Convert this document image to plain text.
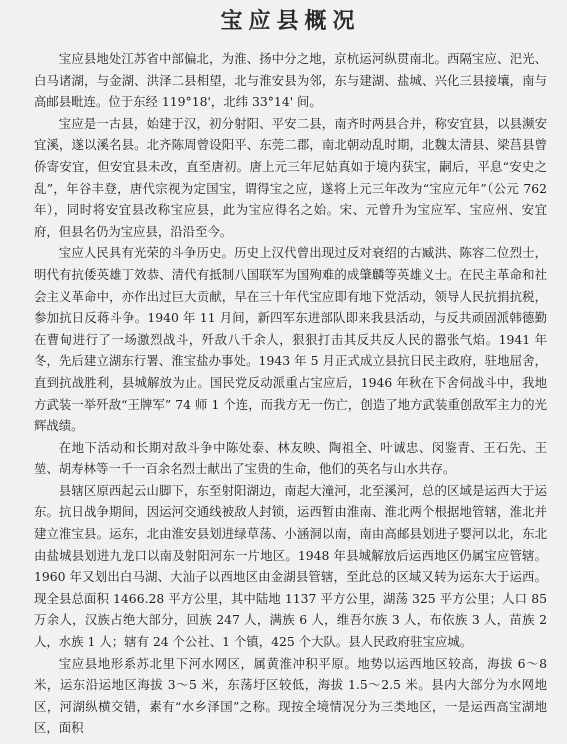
宝应县概况

宝应县地处江苏省中部偏北，为淮、扬中分之地，京杭运河纵贯南北。西隔宝应、汜光、白马诸湖，与金湖、洪泽二县相望，北与淮安县为邻，东与建湖、盐城、兴化三县接壤，南与高邮县毗连。位于东经 119°18'，北纬 33°14' 间。

宝应是一古县，始建于汉，初分射阳、平安二县，南齐时两县合并，称安宜县，以县濒安宜溪，遂以溪名县。北齐陈周曾设阳平、东莞二郡，南北朝动乱时期，北魏太清县、梁莒县曾侨寄安宜，但安宜县未改，直至唐初。唐上元三年尼姑真如于境内获宝，嗣后，平息“安史之乱”，年谷丰登，唐代宗视为定国宝，谓得宝之应，遂将上元三年改为“宝应元年”（公元 762 年），同时将安宜县改称宝应县，此为宝应得名之始。宋、元曾升为宝应军、宝应州、安宜府，但县名仍为宝应县，沿沿至今。

宝应人民具有光荣的斗争历史。历史上汉代曾出现过反对衰绍的古臧洪、陈容二位烈士，明代有抗倭英雄丁效恭、清代有抵制八国联军为国殉难的成肇麟等英雄义士。在民主革命和社会主义革命中，亦作出过巨大贡献，早在三十年代宝应即有地下党活动，领导人民抗捐抗税，参加抗日反蒋斗争。1940 年 11 月间，新四军东进部队即来我县活动，与反共顽固派韩德勤在曹甸进行了一场激烈战斗，歼敌八千余人，狠狠打击其反共反人民的嚣张气焰。1941 年冬，先后建立湖东行署、淮宝盐办事处。1943 年 5 月正式成立县抗日民主政府，驻地屈舍，直到抗战胜利，县城解放为止。国民党反动派重占宝应后，1946 年秋在下舍伺战斗中，我地方武装一举歼敌“王牌军” 74 师 1 个连，而我方无一伤亡，创造了地方武装重创敌军主力的光辉战绩。

在地下活动和长期对敌斗争中陈处泰、林友映、陶祖全、叶诚忠、闵鉴青、王石先、王堃、胡寿林等一千一百余名烈士献出了宝贵的生命，他们的英名与山水共存。

县辖区原西起云山脚下，东至射阳湖边，南起大潼河，北至溪河，总的区域是运西大于运东。抗日战争期间，因运河交通线被敌人封锁，运西暂由淮南、淮北两个根据地管辖，淮北并建立淮宝县。运东，北由淮安县划进绿草荡、小涵洞以南，南由高邮县划进子婴河以北，东北由盐城县划进九龙口以南及射阳河东一片地区。1948 年县城解放后运西地区仍属宝应管辖。1960 年又划出白马湖、大汕子以西地区由金湖县管辖，至此总的区域又转为运东大于运西。现全县总面积 1466.28 平方公里，其中陆地 1137 平方公里，湖荡 325 平方公里；人口 85 万余人，汉族占绝大部分，回族 247 人，满族 6 人，维吾尔族 3 人，布依族 3 人，苗族 2 人，水族 1 人；辖有 24 个公社、1 个镇，425 个大队。县人民政府驻宝应城。

宝应县地形系苏北里下河水网区，属黄淮冲积平原。地势以运西地区较高，海拔 6～8 米，运东沿运地区海拔 3～5 米，东荡圩区较低，海拔 1.5～2.5 米。县内大部分为水网地区，河湖纵横交错，素有“水乡泽国”之称。现按全境情况分为三类地区，一是运西高宝湖地区，面积
